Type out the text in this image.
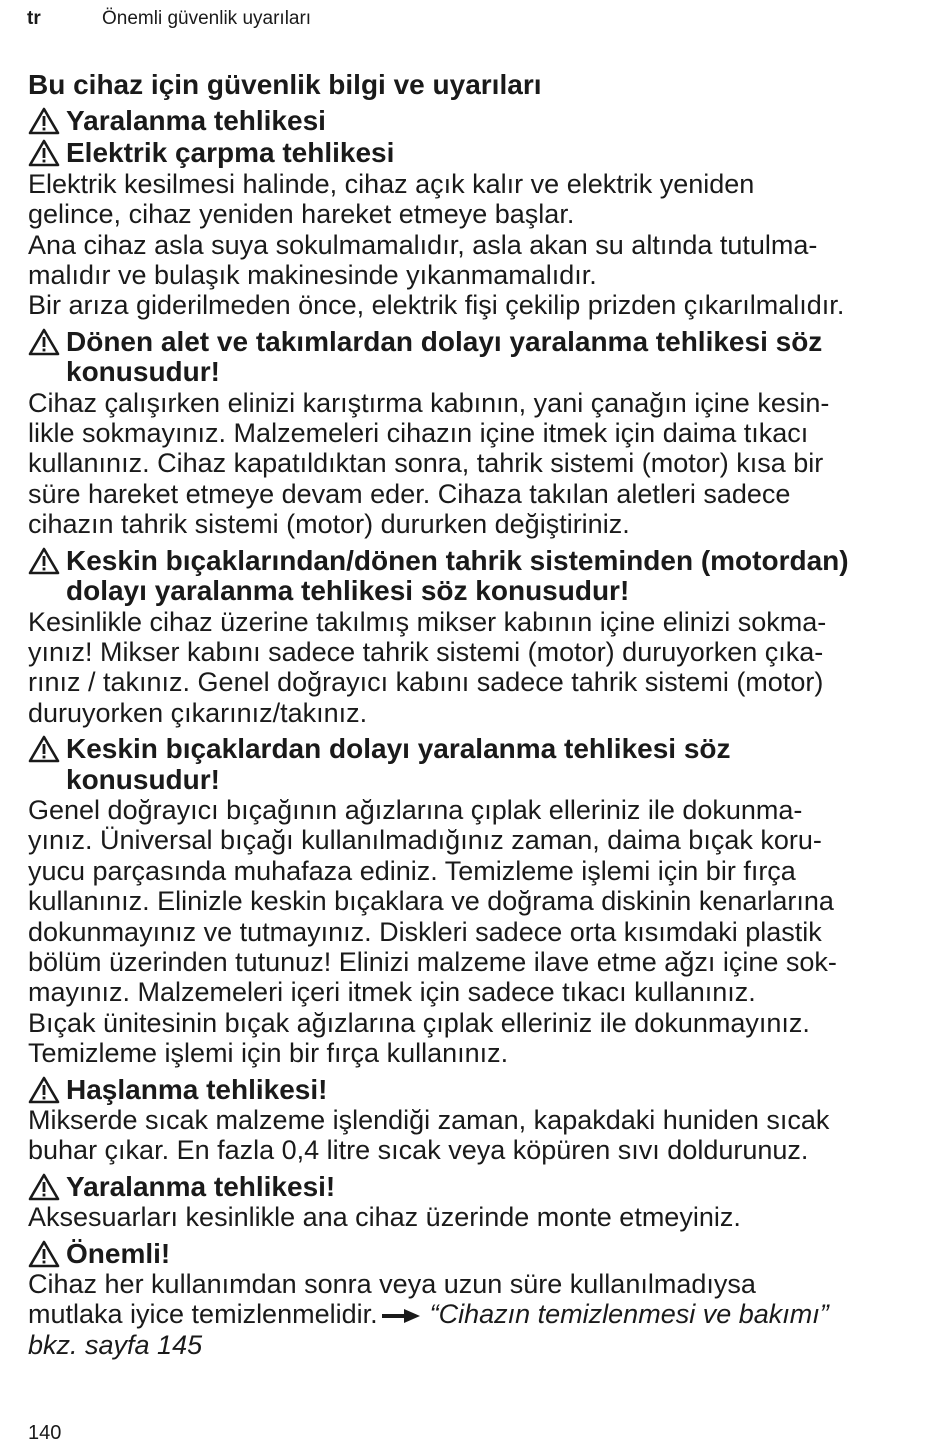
tr	Önemli güvenlik uyarıları
Bu cihaz için güvenlik bilgi ve uyarıları
Yaralanma tehlikesi
Elektrik çarpma tehlikesi
Elektrik kesilmesi halinde, cihaz açık kalır ve elektrik yeniden
gelince, cihaz yeniden hareket etmeye başlar.
Ana cihaz asla suya sokulmamalıdır, asla akan su altında tutulma-
malıdır ve bulaşık makinesinde yıkanmamalıdır.
Bir arıza giderilmeden önce, elektrik fişi çekilip prizden çıkarılmalıdır.
Dönen alet ve takımlardan dolayı yaralanma tehlikesi söz
konusudur!
Cihaz çalışırken elinizi karıştırma kabının, yani çanağın içine kesin-
likle sokmayınız. Malzemeleri cihazın içine itmek için daima tıkacı
kullanınız. Cihaz kapatıldıktan sonra, tahrik sistemi (motor) kısa bir
süre hareket etmeye devam eder. Cihaza takılan aletleri sadece
cihazın tahrik sistemi (motor) dururken değiştiriniz.
Keskin bıçaklarından/dönen tahrik sisteminden (motordan)
dolayı yaralanma tehlikesi söz konusudur!
Kesinlikle cihaz üzerine takılmış mikser kabının içine elinizi sokma-
yınız! Mikser kabını sadece tahrik sistemi (motor) duruyorken çıka-
rınız / takınız. Genel doğrayıcı kabını sadece tahrik sistemi (motor)
duruyorken çıkarınız/takınız.
Keskin bıçaklardan dolayı yaralanma tehlikesi söz
konusudur!
Genel doğrayıcı bıçağının ağızlarına çıplak elleriniz ile dokunma-
yınız. Üniversal bıçağı kullanılmadığınız zaman, daima bıçak koru-
yucu parçasında muhafaza ediniz. Temizleme işlemi için bir fırça
kullanınız. Elinizle keskin bıçaklara ve doğrama diskinin kenarlarına
dokunmayınız ve tutmayınız. Diskleri sadece orta kısımdaki plastik
bölüm üzerinden tutunuz! Elinizi malzeme ilave etme ağzı içine sok-
mayınız. Malzemeleri içeri itmek için sadece tıkacı kullanınız.
Bıçak ünitesinin bıçak ağızlarına çıplak elleriniz ile dokunmayınız.
Temizleme işlemi için bir fırça kullanınız.
Haşlanma tehlikesi!
Mikserde sıcak malzeme işlendiği zaman, kapakdaki huniden sıcak
buhar çıkar. En fazla 0,4 litre sıcak veya köpüren sıvı doldurunuz.
Yaralanma tehlikesi!
Aksesuarları kesinlikle ana cihaz üzerinde monte etmeyiniz.
Önemli!
Cihaz her kullanımdan sonra veya uzun süre kullanılmadıysa
mutlaka iyice temizlenmelidir. “Cihazın temizlenmesi ve bakımı”
bkz. sayfa 145
140
